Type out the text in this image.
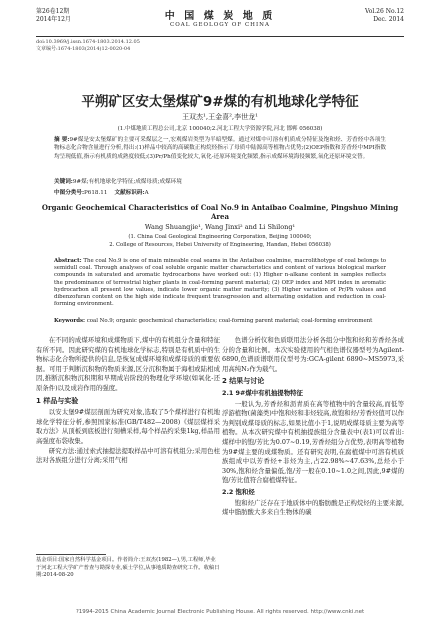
第26卷12期
2014年12月	中 国 煤 炭 地 质
COAL GEOLOGY OF CHINA
Vol.26 No.12
Dec. 2014
doi:10.3969/j.issn.1674-1803.2014.12.05
文章编号:1674-1803(2014)12-0020-04
平朔矿区安太堡煤矿9#煤的有机地球化学特征
王双杰¹,王金喜²,李世龙¹
(1.中煤地质工程总公司,北京 100040;2.河北工程大学资源学院,河北 邯郸 056038)
摘 要:9#煤是安太堡煤矿的主要可采煤层之一,宏观煤岩类型为半暗型煤。通过对煤中可溶有机质成分特征及饱和烃、芳香烃中各项生物标志化合物含量进行分析,得出:(1)样品中较高的高碳数正构烷烃指示了母质中陆源高等植物占优势;(2)OEP指数和芳香烃中MPI指数均呈现低值,指示有机质的成熟度较低;(3)Pr/Ph值变化较大,氧化-还原环境变化频繁,指示成煤环境海侵频繁,氧化还原环境交替。
关键词:9#煤;有机地球化学特征;成煤母质;成煤环境
中图分类号:P618.11 文献标识码:A
Organic Geochemical Characteristics of Coal No.9 in Antaibao Coalmine, Pingshuo Mining Area
Wang Shuangjie¹, Wang Jinxi² and Li Shilong¹
(1. China Coal Geological Engineering Corporation, Beijing 100040;
2. College of Resources, Hebei University of Engineering, Handan, Hebei 056038)
Abstract: The coal No.9 is one of main mineable coal seams in the Antaibao coalmine, macrolithotype of coal belongs to semidull coal. Through analyses of coal soluble organic matter characteristics and content of various biological marker compounds in saturated and aromatic hydrocarbons have worked out: (1) Higher n-alkane content in samples reflects the predominance of terrestrial higher plants in coal-forming parent material; (2) OEP index and MPI index in aromatic hydrocarbon all present low values, indicate lower organic matter maturity; (3) Higher variation of Pr/Ph values and dibenzofuran content on the high side indicate frequent transgression and alternating oxidation and reduction in coal-forming environment.
Keywords: coal No.9; organic geochemical characteristics; coal-forming parent material; coal-forming environment

在不同的成煤环境和成煤物质下,煤中的有机组分含量和特征有所不同。因此研究煤的有机地球化学标志,特别是有机质中的生物标志化合物所提供的信息,是恢复成煤环境和成煤母质的重要依据。可用于判断沉积物的物质来源,区分沉积物属于海相或陆相成因,推断沉积物沉积期和早期成岩阶段的物理化学环境(如氧化-还原条件)以及成岩作用的强度。

1 样品与实验

以安太堡9#煤层剖面为研究对象,选取了5个煤样进行有机地球化学特征分析,参照国家标准(GB/T482—2008)《煤层煤样采取方法》从顶板到底板进行刻槽采样,每个样品约采集1kg,样品用高强度布袋收集。

研究方法:通过索式抽提法提取样品中可溶有机组分;采用色柱法对各族组分进行分离;采用气相

色谱分析仪和色质联用法分析各组分中饱和烃和芳香烃各成分的含量和比例。本次实验使用的气相色谱仪器型号为Agilent-6890,色谱质谱联用仪型号为:GCA-gilent 6890~MS5973,采用高纯N₂作为载气。

2 结果与讨论
2.1 9#煤中有机抽提物特征

一般认为,芳香烃和沥青质在高等植物中的含量较高,而低等浮游植物(菌藻类)中饱和烃和非烃较高,故饱和烃/芳香烃值可以作为判别成煤母质的标志,如果比值小于1,说明成煤母质主要为高等植物。从本次研究煤中有机抽提族组分含量表中(表1)可以看出:煤样中的饱/芳比为0.07~0.19,芳香烃组分占优势,表明高等植物为9#煤主要的成煤物质。还有研究表明,在腐植煤中可溶有机质族组成中以芳香烃+非烃为主,占22.98%~47.63%,总烃小于30%,饱和烃含量偏低,饱/芳一般在0.10~1.0之间,因此,9#煤的饱/芳比值符合腐植煤特征。

2.2 饱和烃

饱和烃广泛存在于地质体中的脂肪酸是正构烷烃的主要来源,煤中脂肪酸大多来自生物体的碳

基金项目:国家自然科学基金项目。作者简介:王双杰(1982—),男,工程师,毕业于河北工程大学矿产普查与勘探专业,硕士学位,从事地质勘查研究工作。收稿日期:2014-08-20
?1994-2015 China Academic Journal Electronic Publishing House. All rights reserved. http://www.cnki.net
